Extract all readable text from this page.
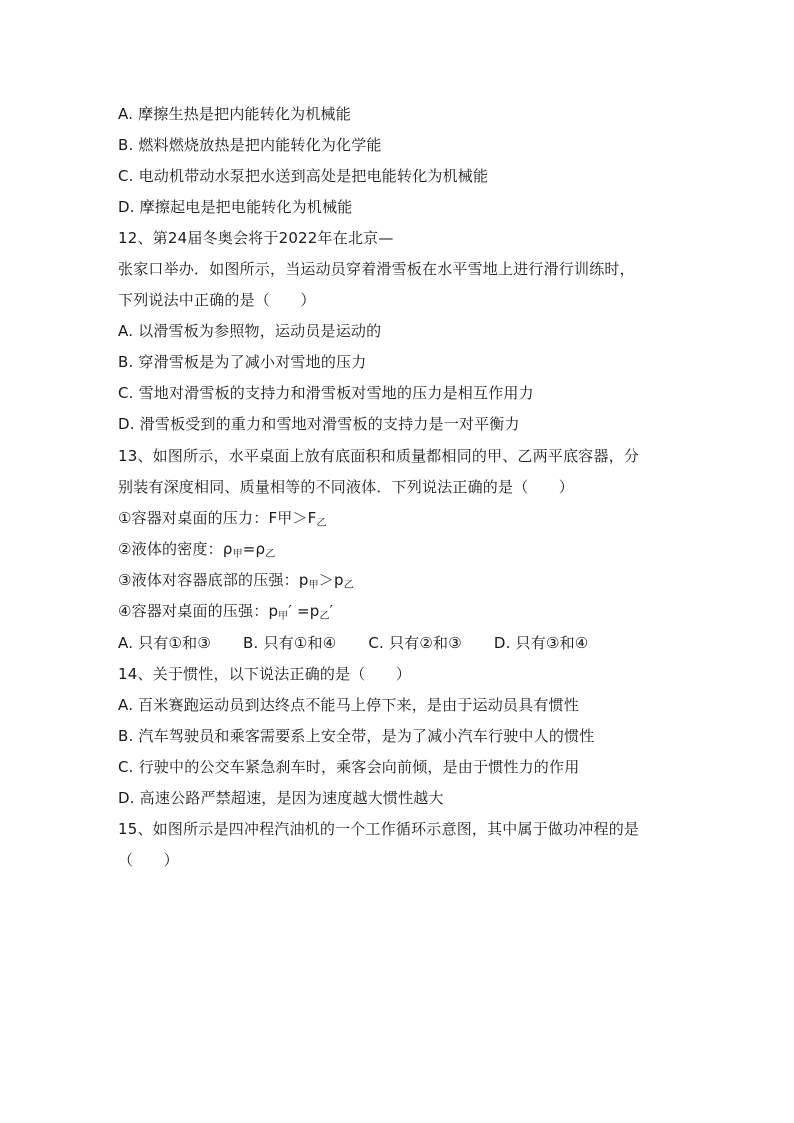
A. 摩擦生热是把内能转化为机械能
B. 燃料燃烧放热是把内能转化为化学能
C. 电动机带动水泵把水送到高处是把电能转化为机械能
D. 摩擦起电是把电能转化为机械能
12、第24届冬奥会将于2022年在北京—
张家口举办．如图所示，当运动员穿着滑雪板在水平雪地上进行滑行训练时，
下列说法中正确的是（　　）
A. 以滑雪板为参照物，运动员是运动的
B. 穿滑雪板是为了减小对雪地的压力
C. 雪地对滑雪板的支持力和滑雪板对雪地的压力是相互作用力
D. 滑雪板受到的重力和雪地对滑雪板的支持力是一对平衡力
13、如图所示，水平桌面上放有底面积和质量都相同的甲、乙两平底容器，分
别装有深度相同、质量相等的不同液体．下列说法正确的是（　　）
①容器对桌面的压力：F甲$>F_乙$
②液体的密度：$\rho_甲=\rho_乙$
③液体对容器底部的压强：$p_甲>p_乙$
④容器对桌面的压强：$p_甲' =p_乙'$
A. 只有①和③ B. 只有①和④ C. 只有②和③ D. 只有③和④
14、关于惯性，以下说法正确的是（　　）
A. 百米赛跑运动员到达终点不能马上停下来，是由于运动员具有惯性
B. 汽车驾驶员和乘客需要系上安全带，是为了减小汽车行驶中人的惯性
C. 行驶中的公交车紧急刹车时，乘客会向前倾，是由于惯性力的作用
D. 高速公路严禁超速，是因为速度越大惯性越大
15、如图所示是四冲程汽油机的一个工作循环示意图，其中属于做功冲程的是
（　　）
